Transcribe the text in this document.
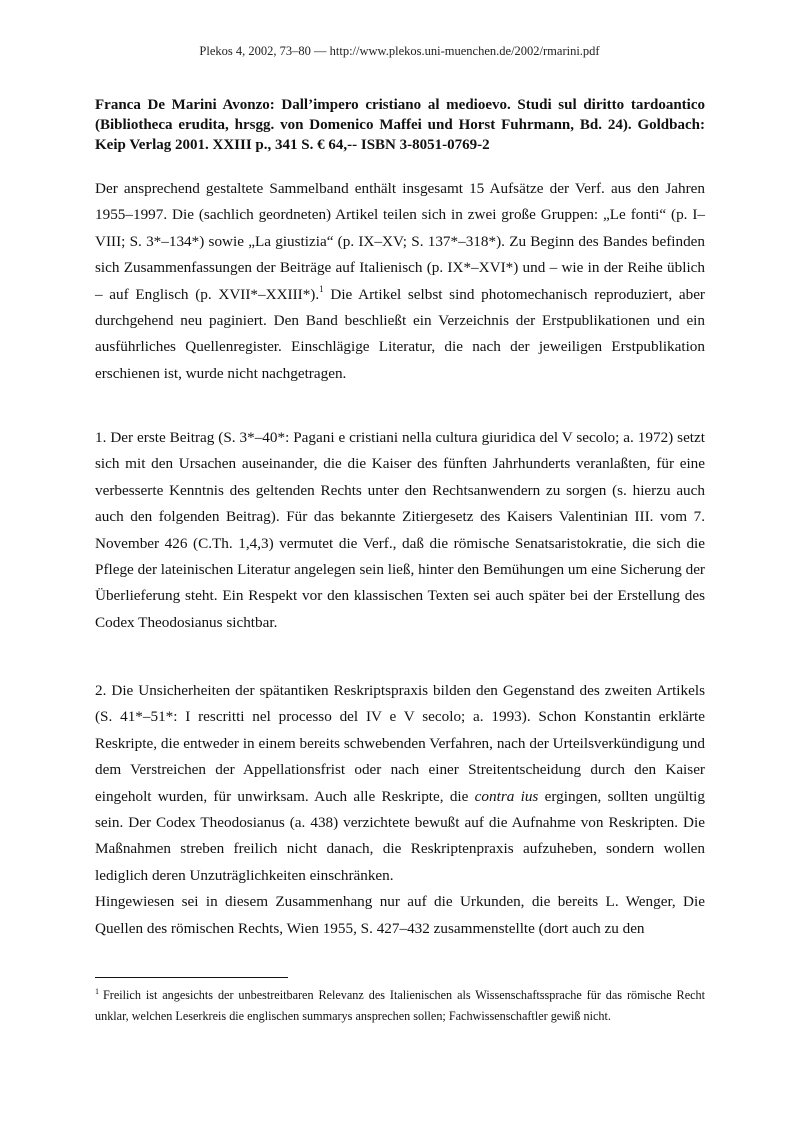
Plekos 4, 2002, 73–80 — http://www.plekos.uni-muenchen.de/2002/rmarini.pdf
Franca De Marini Avonzo: Dall’impero cristiano al medioevo. Studi sul diritto tardoantico (Bibliotheca erudita, hrsgg. von Domenico Maffei und Horst Fuhrmann, Bd. 24). Goldbach: Keip Verlag 2001. XXIII p., 341 S. € 64,-- ISBN 3-8051-0769-2
Der ansprechend gestaltete Sammelband enthält insgesamt 15 Aufsätze der Verf. aus den Jahren 1955–1997. Die (sachlich geordneten) Artikel teilen sich in zwei große Gruppen: „Le fonti“ (p. I–VIII; S. 3*–134*) sowie „La giustizia“ (p. IX–XV; S. 137*–318*). Zu Beginn des Bandes befinden sich Zusammenfassungen der Beiträge auf Italienisch (p. IX*–XVI*) und – wie in der Reihe üblich – auf Englisch (p. XVII*–XXIII*).$^1$ Die Artikel selbst sind photomechanisch reproduziert, aber durchgehend neu paginiert. Den Band beschließt ein Verzeichnis der Erstpublikationen und ein ausführliches Quellenregister. Einschlägige Literatur, die nach der jeweiligen Erstpublikation erschienen ist, wurde nicht nachgetragen.
1. Der erste Beitrag (S. 3*–40*: Pagani e cristiani nella cultura giuridica del V secolo; a. 1972) setzt sich mit den Ursachen auseinander, die die Kaiser des fünften Jahrhunderts veranlaßten, für eine verbesserte Kenntnis des geltenden Rechts unter den Rechtsanwendern zu sorgen (s. hierzu auch auch den folgenden Beitrag). Für das bekannte Zitiergesetz des Kaisers Valentinian III. vom 7. November 426 (C.Th. 1,4,3) vermutet die Verf., daß die römische Senatsaristokratie, die sich die Pflege der lateinischen Literatur angelegen sein ließ, hinter den Bemühungen um eine Sicherung der Überlieferung steht. Ein Respekt vor den klassischen Texten sei auch später bei der Erstellung des Codex Theodosianus sichtbar.
2. Die Unsicherheiten der spätantiken Reskriptspraxis bilden den Gegenstand des zweiten Artikels (S. 41*–51*: I rescritti nel processo del IV e V secolo; a. 1993). Schon Konstantin erklärte Reskripte, die entweder in einem bereits schwebenden Verfahren, nach der Urteilsverkündigung und dem Verstreichen der Appellationsfrist oder nach einer Streitentscheidung durch den Kaiser eingeholt wurden, für unwirksam. Auch alle Reskripte, die contra ius ergingen, sollten ungültig sein. Der Codex Theodosianus (a. 438) verzichtete bewußt auf die Aufnahme von Reskripten. Die Maßnahmen streben freilich nicht danach, die Reskriptenpraxis aufzuheben, sondern wollen lediglich deren Unzuträglichkeiten einschränken.
Hingewiesen sei in diesem Zusammenhang nur auf die Urkunden, die bereits L. Wenger, Die Quellen des römischen Rechts, Wien 1955, S. 427–432 zusammenstellte (dort auch zu den
$^1$ Freilich ist angesichts der unbestreitbaren Relevanz des Italienischen als Wissenschaftssprache für das römische Recht unklar, welchen Leserkreis die englischen summarys ansprechen sollen; Fachwissenschaftler gewiß nicht.
